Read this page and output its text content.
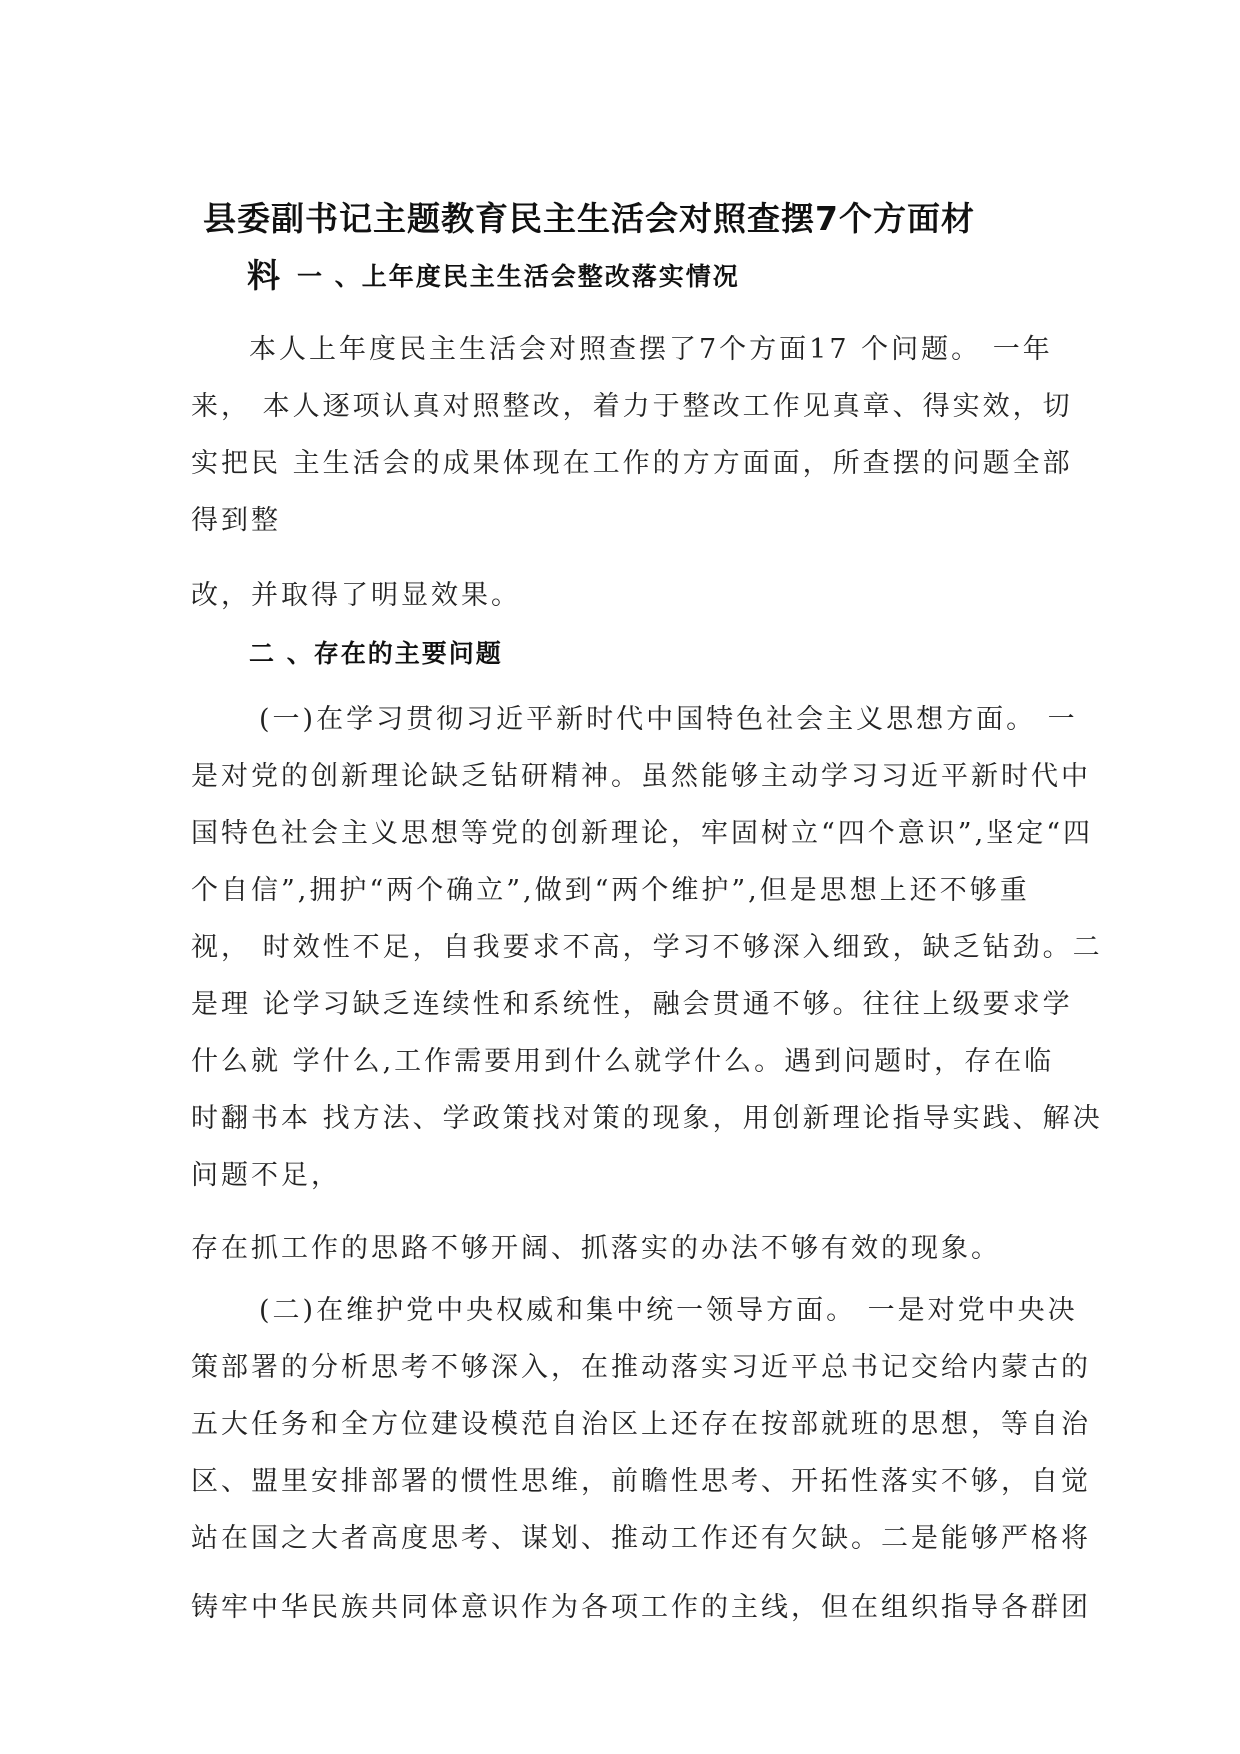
县委副书记主题教育民主生活会对照查摆7个方面材
料 一 、上年度民主生活会整改落实情况
本人上年度民主生活会对照查摆了7个方面17 个问题。 一年
来， 本人逐项认真对照整改，着力于整改工作见真章、得实效，切
实把民 主生活会的成果体现在工作的方方面面，所查摆的问题全部
得到整
改，并取得了明显效果。
二 、存在的主要问题
(一)在学习贯彻习近平新时代中国特色社会主义思想方面。 一
是对党的创新理论缺乏钻研精神。虽然能够主动学习习近平新时代中
国特色社会主义思想等党的创新理论，牢固树立“四个意识”,坚定“四
个自信”,拥护“两个确立”,做到“两个维护”,但是思想上还不够重
视， 时效性不足，自我要求不高，学习不够深入细致，缺乏钻劲。二
是理 论学习缺乏连续性和系统性，融会贯通不够。往往上级要求学
什么就 学什么,工作需要用到什么就学什么。遇到问题时，存在临
时翻书本 找方法、学政策找对策的现象，用创新理论指导实践、解决
问题不足，
存在抓工作的思路不够开阔、抓落实的办法不够有效的现象。
(二)在维护党中央权威和集中统一领导方面。 一是对党中央决
策部署的分析思考不够深入，在推动落实习近平总书记交给内蒙古的
五大任务和全方位建设模范自治区上还存在按部就班的思想，等自治
区、盟里安排部署的惯性思维，前瞻性思考、开拓性落实不够，自觉
站在国之大者高度思考、谋划、推动工作还有欠缺。二是能够严格将
铸牢中华民族共同体意识作为各项工作的主线，但在组织指导各群团
